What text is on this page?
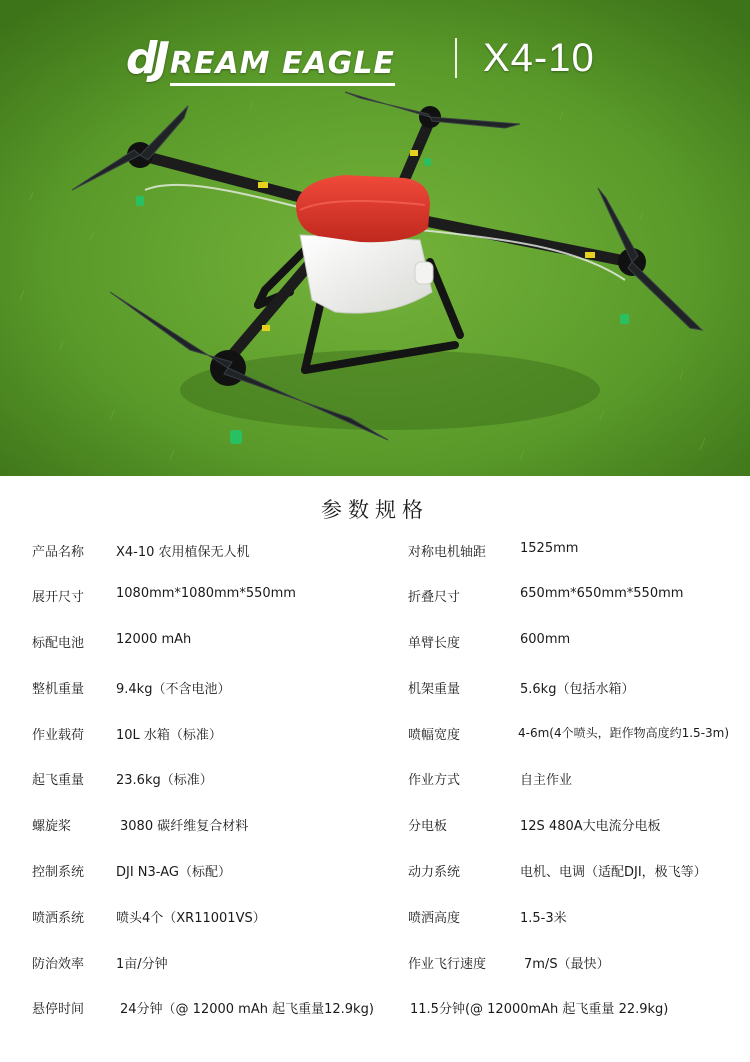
dJ REAM EAGLE X4-10
参数规格
产品名称 X4-10 农用植保无人机	对称电机轴距	1525mm
展开尺寸 1080mm*1080mm*550mm	折叠尺寸	650mm*650mm*550mm
标配电池 12000 mAh	单臂长度	600mm
整机重量 9.4kg（不含电池）	机架重量	5.6kg（包括水箱）
作业载荷 10L 水箱（标准）	喷幅宽度	4-6m(4个喷头，距作物高度约1.5-3m)
起飞重量 23.6kg（标准）	作业方式	自主作业
螺旋桨	3080 碳纤维复合材料	分电板	12S 480A大电流分电板
控制系统 DJI N3-AG（标配）	动力系统	电机、电调（适配DJI，极飞等）
喷洒系统 喷头4个（XR11001VS）	喷洒高度	1.5-3米
防治效率 1亩/分钟	作业飞行速度	7m/S（最快）
悬停时间	24分钟（@ 12000 mAh 起飞重量12.9kg)	11.5分钟(@ 12000mAh 起飞重量 22.9kg)
